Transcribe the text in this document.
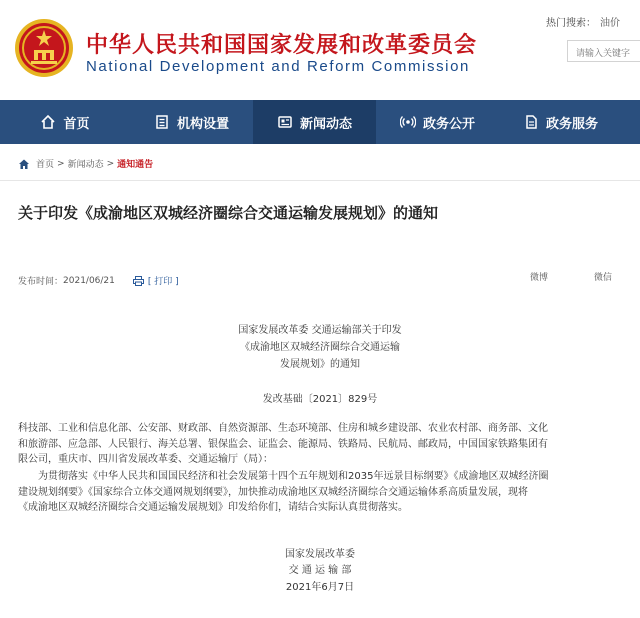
中华人民共和国国家发展和改革委员会
National Development and Reform Commission
热门搜索： 油价
请输入关键字
首页	机构设置	新闻动态	政务公开	政务服务
首页 > 新闻动态 > 通知通告
关于印发《成渝地区双城经济圈综合交通运输发展规划》的通知
发布时间： 2021/06/21	[ 打印 ]	微博	微信
国家发展改革委 交通运输部关于印发
《成渝地区双城经济圈综合交通运输
发展规划》的通知
发改基础〔2021〕829号
科技部、工业和信息化部、公安部、财政部、自然资源部、生态环境部、住房和城乡建设部、农业农村部、商务部、文化
和旅游部、应急部、人民银行、海关总署、银保监会、证监会、能源局、铁路局、民航局、邮政局，中国国家铁路集团有
限公司，重庆市、四川省发展改革委、交通运输厅（局）：
　　为贯彻落实《中华人民共和国国民经济和社会发展第十四个五年规划和2035年远景目标纲要》《成渝地区双城经济圈
建设规划纲要》《国家综合立体交通网规划纲要》，加快推动成渝地区双城经济圈综合交通运输体系高质量发展，现将
《成渝地区双城经济圈综合交通运输发展规划》印发给你们，请结合实际认真贯彻落实。
国家发展改革委
交 通 运 输 部
2021年6月7日
